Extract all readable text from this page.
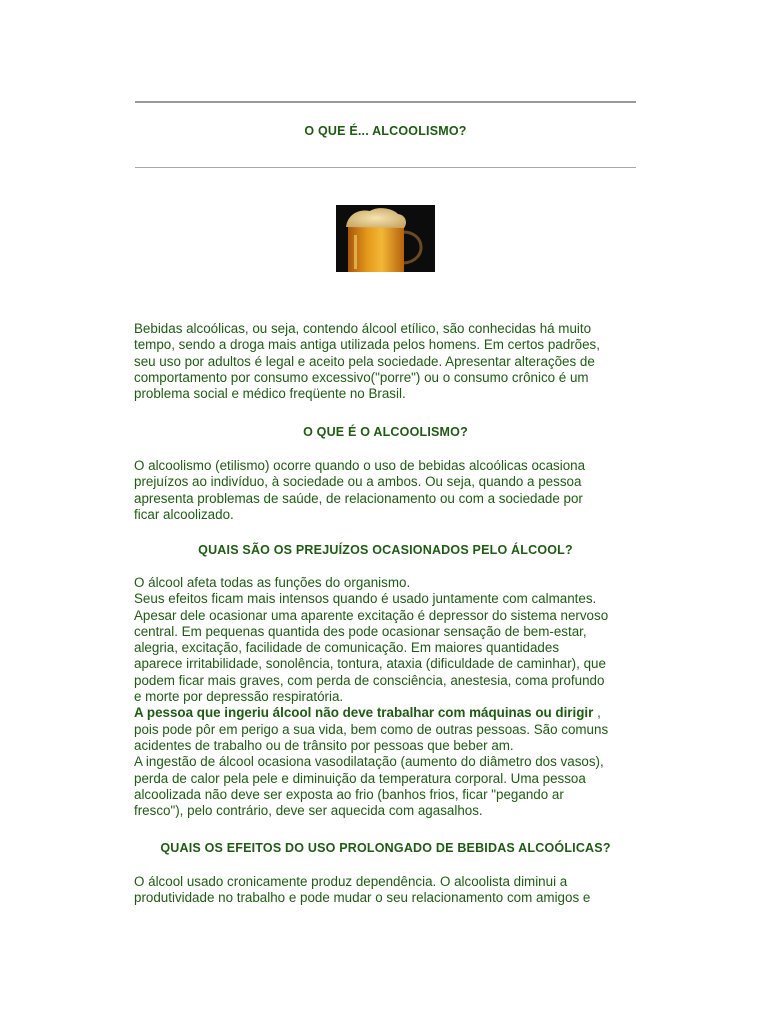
O QUE É... ALCOOLISMO?
Bebidas alcoólicas, ou seja, contendo álcool etílico, são conhecidas há muito
tempo, sendo a droga mais antiga utilizada pelos homens. Em certos padrões,
seu uso por adultos é legal e aceito pela sociedade. Apresentar alterações de
comportamento por consumo excessivo("porre") ou o consumo crônico é um
problema social e médico freqüente no Brasil.
O QUE É O ALCOOLISMO?
O alcoolismo (etilismo) ocorre quando o uso de bebidas alcoólicas ocasiona
prejuízos ao indivíduo, à sociedade ou a ambos. Ou seja, quando a pessoa
apresenta problemas de saúde, de relacionamento ou com a sociedade por
ficar alcoolizado.
QUAIS SÃO OS PREJUÍZOS OCASIONADOS PELO ÁLCOOL?
O álcool afeta todas as funções do organismo.
Seus efeitos ficam mais intensos quando é usado juntamente com calmantes.
Apesar dele ocasionar uma aparente excitação é depressor do sistema nervoso
central. Em pequenas quantida des pode ocasionar sensação de bem-estar,
alegria, excitação, facilidade de comunicação. Em maiores quantidades
aparece irritabilidade, sonolência, tontura, ataxia (dificuldade de caminhar), que
podem ficar mais graves, com perda de consciência, anestesia, coma profundo
e morte por depressão respiratória.
A pessoa que ingeriu álcool não deve trabalhar com máquinas ou dirigir ,
pois pode pôr em perigo a sua vida, bem como de outras pessoas. São comuns
acidentes de trabalho ou de trânsito por pessoas que beber am.
A ingestão de álcool ocasiona vasodilatação (aumento do diâmetro dos vasos),
perda de calor pela pele e diminuição da temperatura corporal. Uma pessoa
alcoolizada não deve ser exposta ao frio (banhos frios, ficar "pegando ar
fresco"), pelo contrário, deve ser aquecida com agasalhos.
QUAIS OS EFEITOS DO USO PROLONGADO DE BEBIDAS ALCOÓLICAS?
O álcool usado cronicamente produz dependência. O alcoolista diminui a
produtividade no trabalho e pode mudar o seu relacionamento com amigos e
